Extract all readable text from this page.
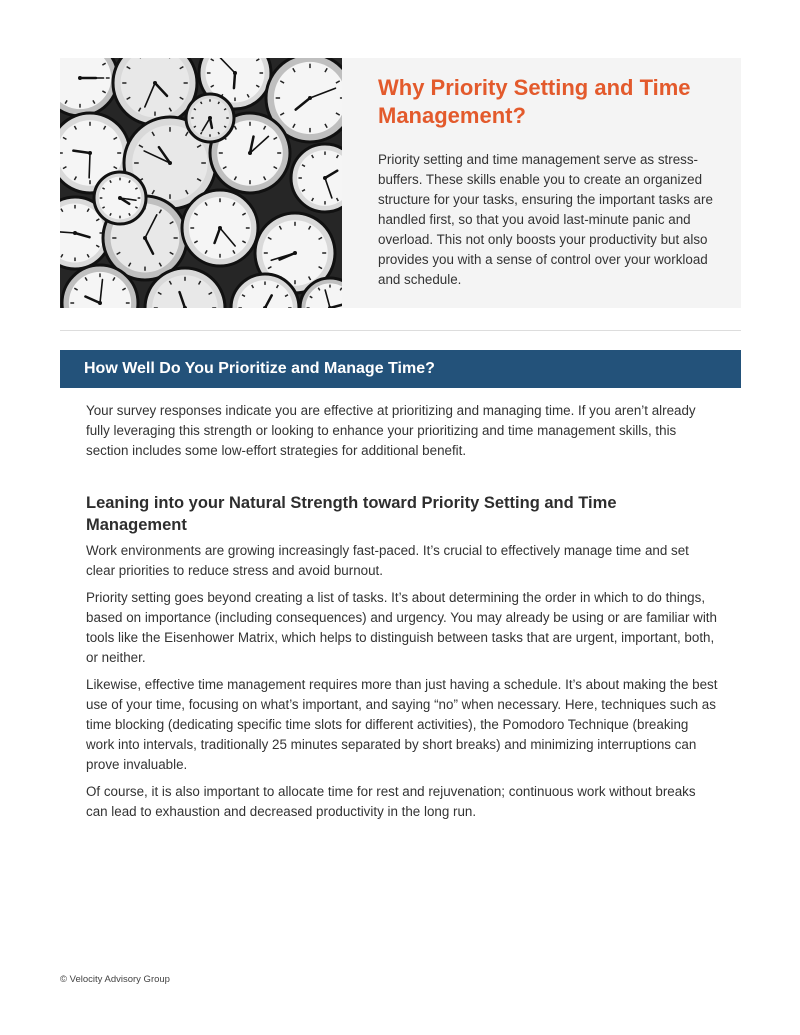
Why Priority Setting and Time Management?

Priority setting and time management serve as stress-buffers. These skills enable you to create an organized structure for your tasks, ensuring the important tasks are handled first, so that you avoid last-minute panic and overload. This not only boosts your productivity but also provides you with a sense of control over your workload and schedule.

How Well Do You Prioritize and Manage Time?

Your survey responses indicate you are effective at prioritizing and managing time. If you aren’t already fully leveraging this strength or looking to enhance your prioritizing and time management skills, this section includes some low-effort strategies for additional benefit.

Leaning into your Natural Strength toward Priority Setting and Time Management

Work environments are growing increasingly fast-paced. It’s crucial to effectively manage time and set clear priorities to reduce stress and avoid burnout.

Priority setting goes beyond creating a list of tasks. It’s about determining the order in which to do things, based on importance (including consequences) and urgency. You may already be using or are familiar with tools like the Eisenhower Matrix, which helps to distinguish between tasks that are urgent, important, both, or neither.

Likewise, effective time management requires more than just having a schedule. It’s about making the best use of your time, focusing on what’s important, and saying “no” when necessary. Here, techniques such as time blocking (dedicating specific time slots for different activities), the Pomodoro Technique (breaking work into intervals, traditionally 25 minutes separated by short breaks) and minimizing interruptions can prove invaluable.

Of course, it is also important to allocate time for rest and rejuvenation; continuous work without breaks can lead to exhaustion and decreased productivity in the long run.

© Velocity Advisory Group
